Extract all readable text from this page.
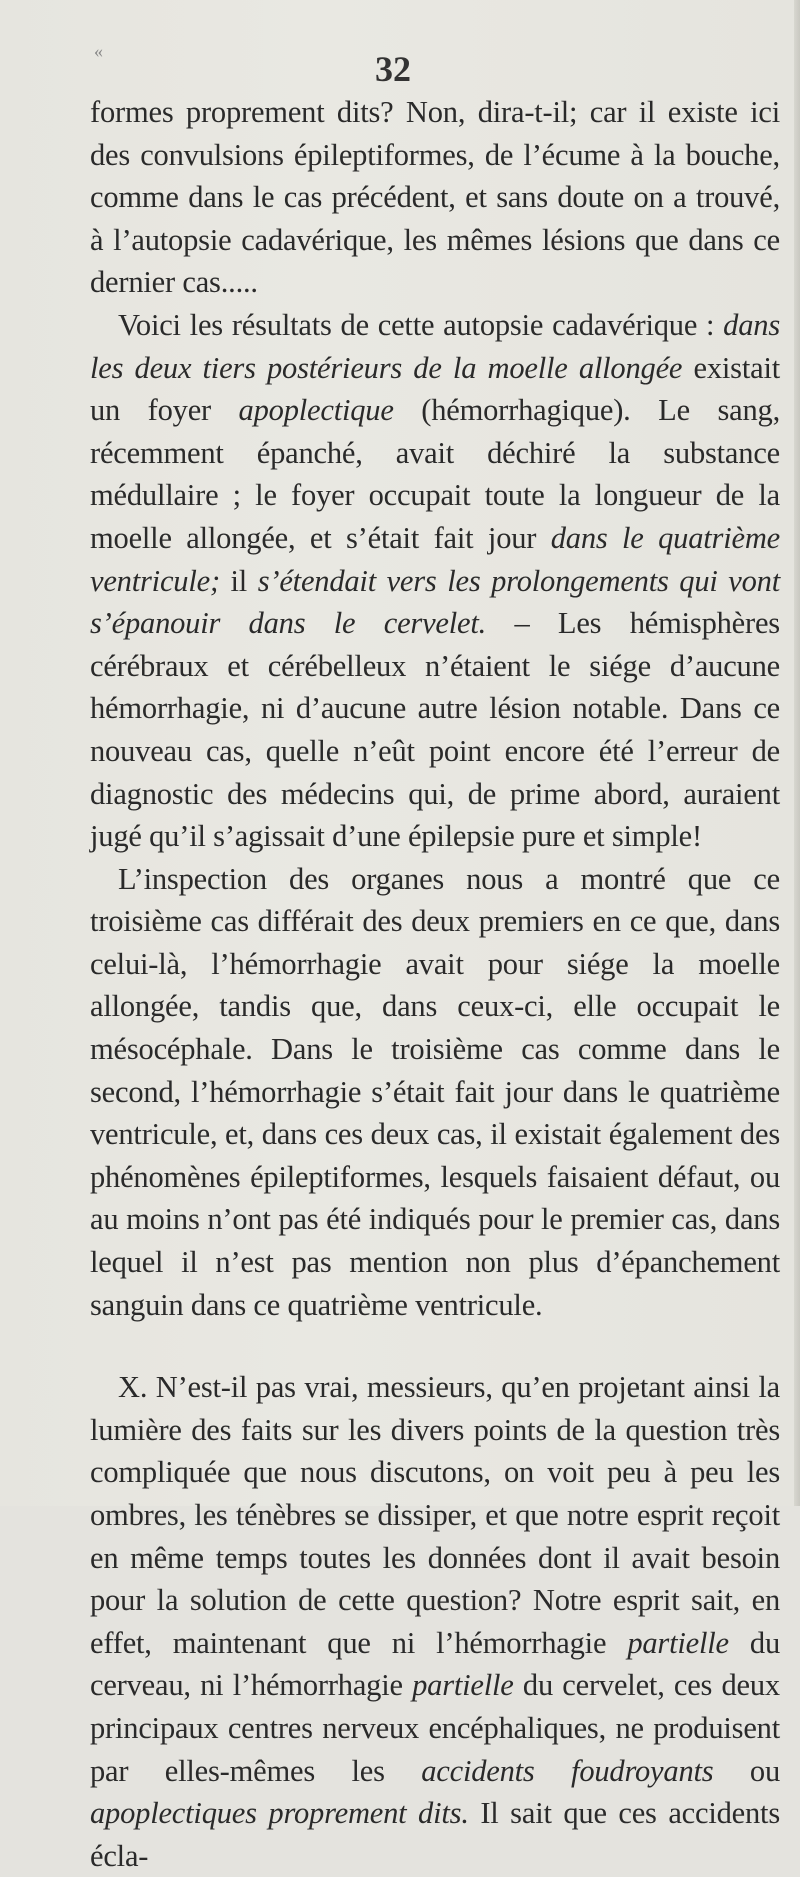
«	32

formes proprement dits? Non, dira-t-il; car il existe ici des convulsions épileptiformes, de l’écume à la bouche, comme dans le cas précédent, et sans doute on a trouvé, à l’autopsie cadavérique, les mêmes lésions que dans ce dernier cas.....

Voici les résultats de cette autopsie cadavérique : dans les deux tiers postérieurs de la moelle allongée existait un foyer apoplectique (hémorrhagique). Le sang, récemment épanché, avait déchiré la substance médullaire ; le foyer occupait toute la longueur de la moelle allongée, et s’était fait jour dans le quatrième ventricule; il s’étendait vers les prolongements qui vont s’épanouir dans le cervelet. – Les hémisphères cérébraux et cérébelleux n’étaient le siége d’aucune hémorrhagie, ni d’aucune autre lésion notable. Dans ce nouveau cas, quelle n’eût point encore été l’erreur de diagnostic des médecins qui, de prime abord, auraient jugé qu’il s’agissait d’une épilepsie pure et simple!

L’inspection des organes nous a montré que ce troisième cas différait des deux premiers en ce que, dans celui-là, l’hémorrhagie avait pour siége la moelle allongée, tandis que, dans ceux-ci, elle occupait le mésocéphale. Dans le troisième cas comme dans le second, l’hémorrhagie s’était fait jour dans le quatrième ventricule, et, dans ces deux cas, il existait également des phénomènes épileptiformes, lesquels faisaient défaut, ou au moins n’ont pas été indiqués pour le premier cas, dans lequel il n’est pas mention non plus d’épanchement sanguin dans ce quatrième ventricule.

X. N’est-il pas vrai, messieurs, qu’en projetant ainsi la lumière des faits sur les divers points de la question très compliquée que nous discutons, on voit peu à peu les ombres, les ténèbres se dissiper, et que notre esprit reçoit en même temps toutes les données dont il avait besoin pour la solution de cette question? Notre esprit sait, en effet, maintenant que ni l’hémorrhagie partielle du cerveau, ni l’hémorrhagie partielle du cervelet, ces deux principaux centres nerveux encéphaliques, ne produisent par elles-mêmes les accidents foudroyants ou apoplectiques proprement dits. Il sait que ces accidents écla-
